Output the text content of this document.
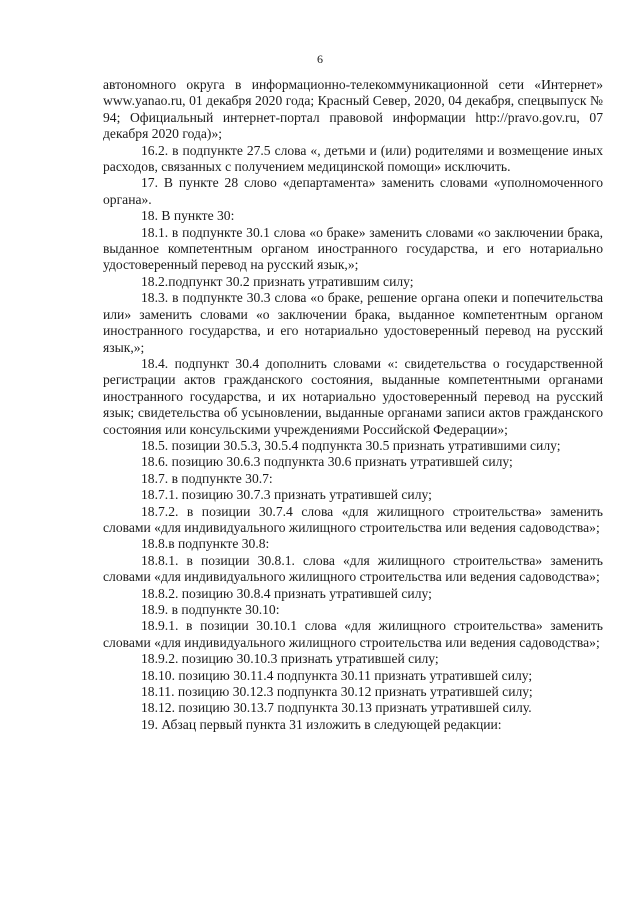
6

автономного округа в информационно-телекоммуникационной сети «Интернет» www.yanao.ru, 01 декабря 2020 года; Красный Север, 2020, 04 декабря, спецвыпуск № 94; Официальный интернет-портал правовой информации http://pravo.gov.ru, 07 декабря 2020 года)»;

16.2. в подпункте 27.5 слова «, детьми и (или) родителями и возмещение иных расходов, связанных с получением медицинской помощи» исключить.

17. В пункте 28 слово «департамента» заменить словами «уполномоченного органа».

18. В пункте 30:

18.1. в подпункте 30.1 слова «о браке» заменить словами «о заключении брака, выданное компетентным органом иностранного государства, и его нотариально удостоверенный перевод на русский язык,»;

18.2.подпункт 30.2 признать утратившим силу;

18.3. в подпункте 30.3 слова «о браке, решение органа опеки и попечительства или» заменить словами «о заключении брака, выданное компетентным органом иностранного государства, и его нотариально удостоверенный перевод на русский язык,»;

18.4. подпункт 30.4 дополнить словами «: свидетельства о государственной регистрации актов гражданского состояния, выданные компетентными органами иностранного государства, и их нотариально удостоверенный перевод на русский язык; свидетельства об усыновлении, выданные органами записи актов гражданского состояния или консульскими учреждениями Российской Федерации»;

18.5. позиции 30.5.3, 30.5.4 подпункта 30.5 признать утратившими силу;

18.6. позицию 30.6.3 подпункта 30.6 признать утратившей силу;

18.7. в подпункте 30.7:

18.7.1. позицию 30.7.3 признать утратившей силу;

18.7.2. в позиции 30.7.4 слова «для жилищного строительства» заменить словами «для индивидуального жилищного строительства или ведения садоводства»;

18.8.в подпункте 30.8:

18.8.1. в позиции 30.8.1. слова «для жилищного строительства» заменить словами «для индивидуального жилищного строительства или ведения садоводства»;

18.8.2. позицию 30.8.4 признать утратившей силу;

18.9. в подпункте 30.10:

18.9.1. в позиции 30.10.1 слова «для жилищного строительства» заменить словами «для индивидуального жилищного строительства или ведения садоводства»;

18.9.2. позицию 30.10.3 признать утратившей силу;

18.10. позицию 30.11.4 подпункта 30.11 признать утратившей силу;

18.11. позицию 30.12.3 подпункта 30.12 признать утратившей силу;

18.12. позицию 30.13.7 подпункта 30.13 признать утратившей силу.

19. Абзац первый пункта 31 изложить в следующей редакции:
